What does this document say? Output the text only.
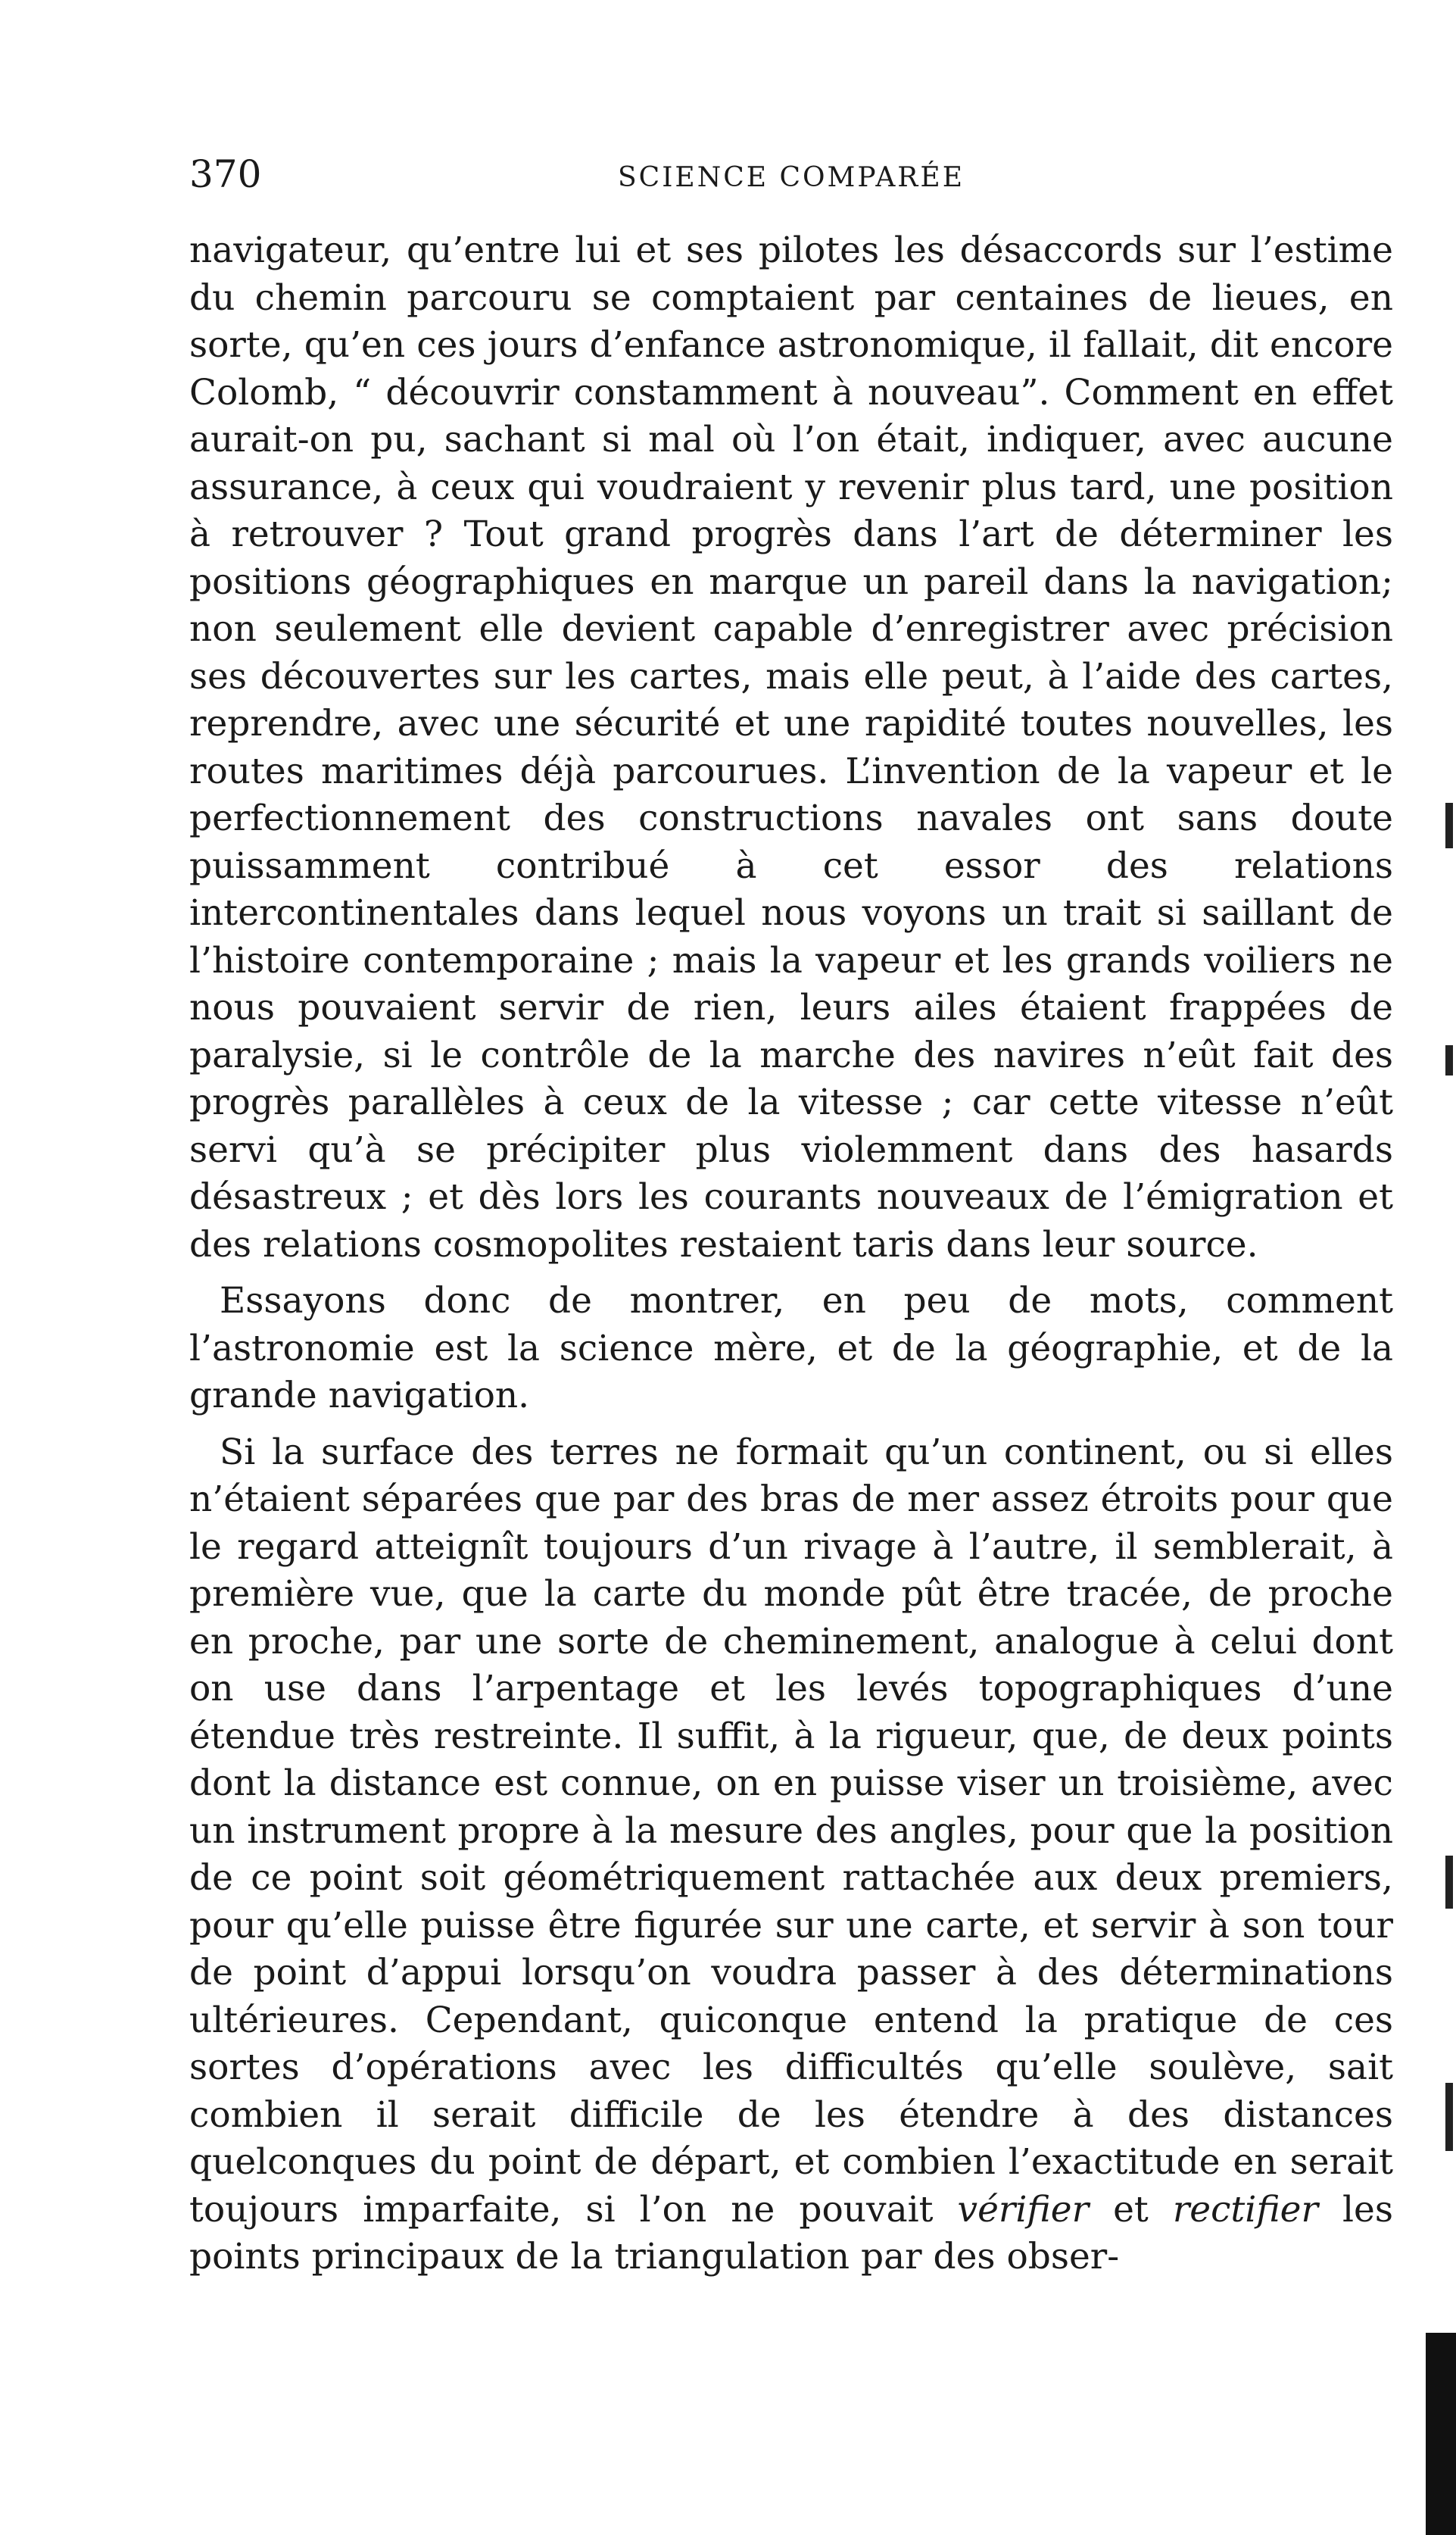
370	SCIENCE COMPARÉE

navigateur, qu’entre lui et ses pilotes les désaccords sur l’estime du chemin parcouru se comptaient par centaines de lieues, en sorte, qu’en ces jours d’enfance astronomique, il fallait, dit encore Colomb, “ découvrir constamment à nouveau”. Comment en effet aurait-on pu, sachant si mal où l’on était, indiquer, avec aucune assurance, à ceux qui voudraient y revenir plus tard, une position à retrouver ? Tout grand progrès dans l’art de déterminer les positions géographiques en marque un pareil dans la navigation; non seulement elle devient capable d’enregistrer avec précision ses découvertes sur les cartes, mais elle peut, à l’aide des cartes, reprendre, avec une sécurité et une rapidité toutes nouvelles, les routes maritimes déjà parcourues. L’invention de la vapeur et le perfectionnement des constructions navales ont sans doute puissamment contribué à cet essor des relations intercontinentales dans lequel nous voyons un trait si saillant de l’histoire contemporaine ; mais la vapeur et les grands voiliers ne nous pouvaient servir de rien, leurs ailes étaient frappées de paralysie, si le contrôle de la marche des navires n’eût fait des progrès parallèles à ceux de la vitesse ; car cette vitesse n’eût servi qu’à se précipiter plus violemment dans des hasards désastreux ; et dès lors les courants nouveaux de l’émigration et des relations cosmopolites restaient taris dans leur source.

Essayons donc de montrer, en peu de mots, comment l’astronomie est la science mère, et de la géographie, et de la grande navigation.

Si la surface des terres ne formait qu’un continent, ou si elles n’étaient séparées que par des bras de mer assez étroits pour que le regard atteignît toujours d’un rivage à l’autre, il semblerait, à première vue, que la carte du monde pût être tracée, de proche en proche, par une sorte de cheminement, analogue à celui dont on use dans l’arpentage et les levés topographiques d’une étendue très restreinte. Il suffit, à la rigueur, que, de deux points dont la distance est connue, on en puisse viser un troisième, avec un instrument propre à la mesure des angles, pour que la position de ce point soit géométriquement rattachée aux deux premiers, pour qu’elle puisse être figurée sur une carte, et servir à son tour de point d’appui lorsqu’on voudra passer à des déterminations ultérieures. Cependant, quiconque entend la pratique de ces sortes d’opérations avec les difficultés qu’elle soulève, sait combien il serait difficile de les étendre à des distances quelconques du point de départ, et combien l’exactitude en serait toujours imparfaite, si l’on ne pouvait vérifier et rectifier les points principaux de la triangulation par des obser-
